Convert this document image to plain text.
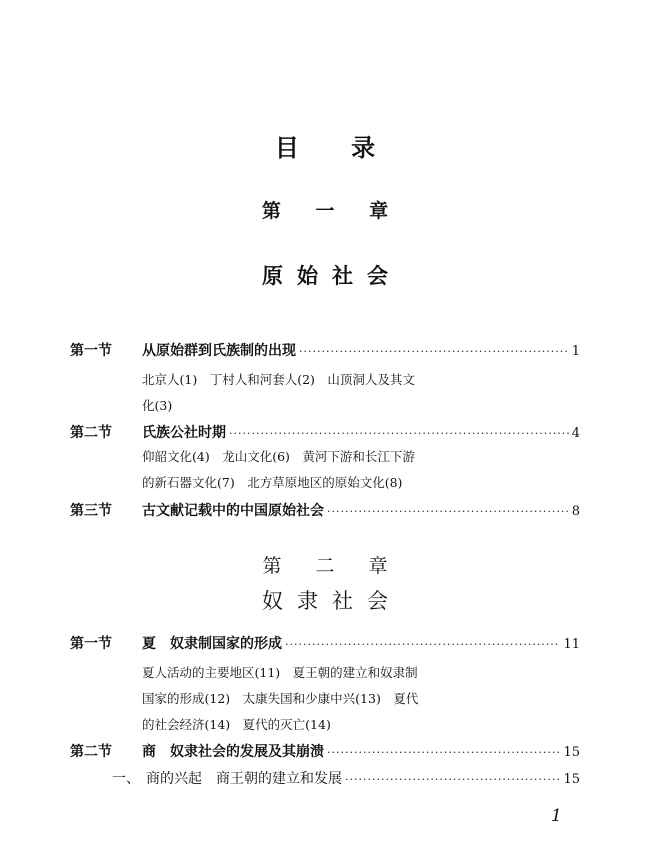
目 录
第 一 章
原始社会
第一节	从原始群到氏族制的出现 ·····	1
北京人(1)　丁村人和河套人(2)　山顶洞人及其文
化(3)
第二节	氏族公社时期 ·····	4
仰韶文化(4)　龙山文化(6)　黄河下游和长江下游
的新石器文化(7)　北方草原地区的原始文化(8)
第三节	古文献记载中的中国原始社会 ·····	8
第 二 章
奴隶社会
第一节	夏　奴隶制国家的形成 ·····	11
夏人活动的主要地区(11)　夏王朝的建立和奴隶制
国家的形成(12)　太康失国和少康中兴(13)　夏代
的社会经济(14)　夏代的灭亡(14)
第二节	商　奴隶社会的发展及其崩溃 ·····	15
一、 商的兴起　商王朝的建立和发展 ·····	15
1
